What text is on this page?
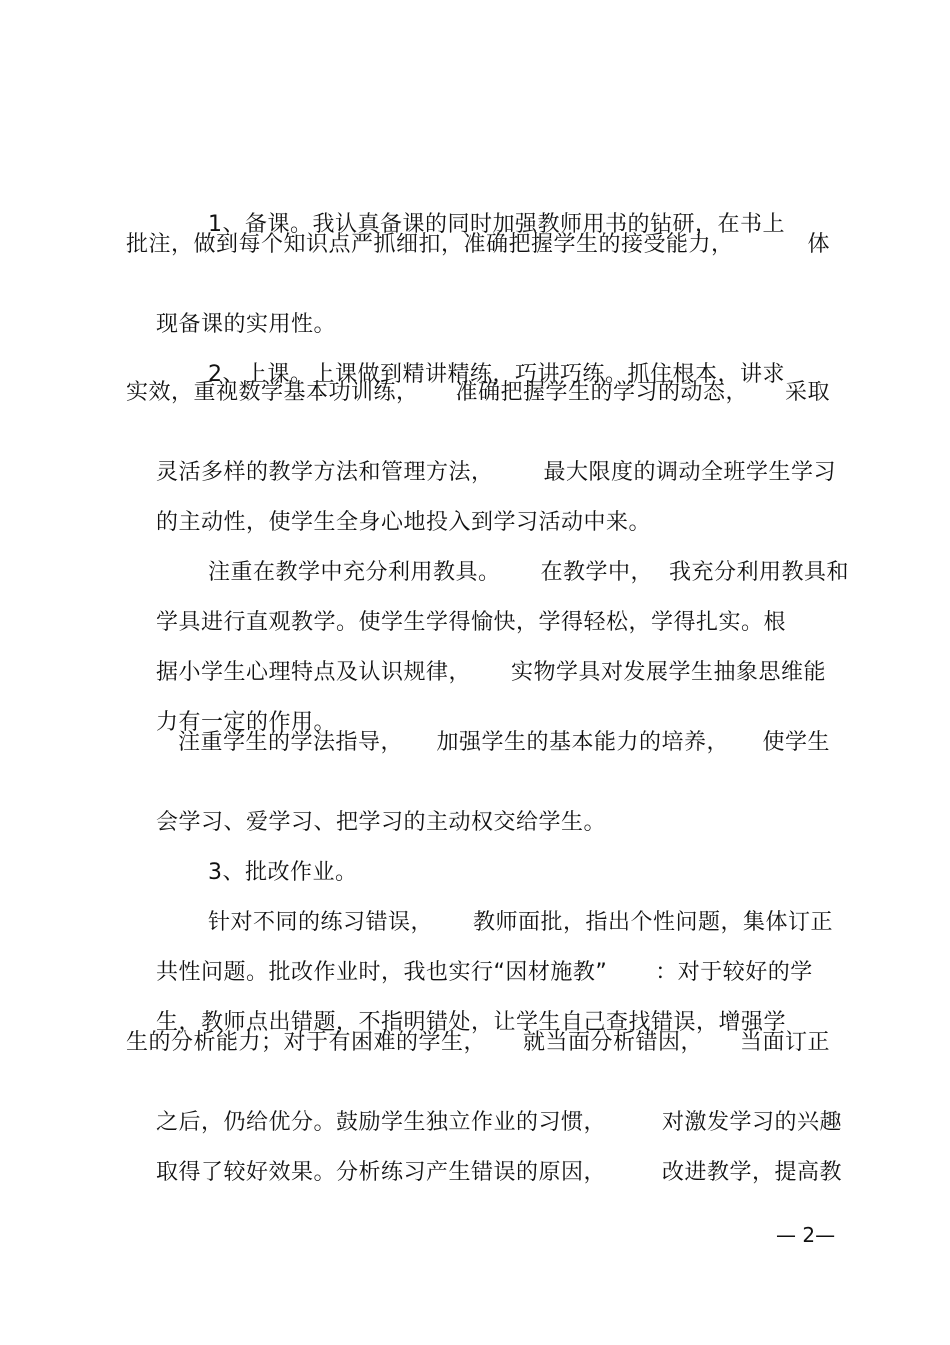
1、备课。我认真备课的同时加强教师用书的钻研，在书上

批注，做到每个知识点严抓细扣，准确把握学生的接受能力，	体

现备课的实用性。

2、上课。上课做到精讲精练，巧讲巧练。抓住根本，讲求

实效，重视数学基本功训练， 准确把握学生的学习的动态， 采取

灵活多样的教学方法和管理方法， 最大限度的调动全班学生学习

的主动性，使学生全身心地投入到学习活动中来。

注重在教学中充分利用教具。 在教学中， 我充分利用教具和

学具进行直观教学。使学生学得愉快，学得轻松，学得扎实。根

据小学生心理特点及认识规律， 实物学具对发展学生抽象思维能

力有一定的作用。

注重学生的学法指导， 加强学生的基本能力的培养， 使学生

会学习、爱学习、把学习的主动权交给学生。

3、批改作业。

针对不同的练习错误， 教师面批，指出个性问题，集体订正

共性问题。批改作业时，我也实行“因材施教” ：对于较好的学

生，教师点出错题，不指明错处，让学生自己查找错误，增强学

生的分析能力；对于有困难的学生， 就当面分析错因， 当面订正

之后，仍给优分。鼓励学生独立作业的习惯，	对激发学习的兴趣

取得了较好效果。分析练习产生错误的原因，	改进教学，提高教

— 2—
